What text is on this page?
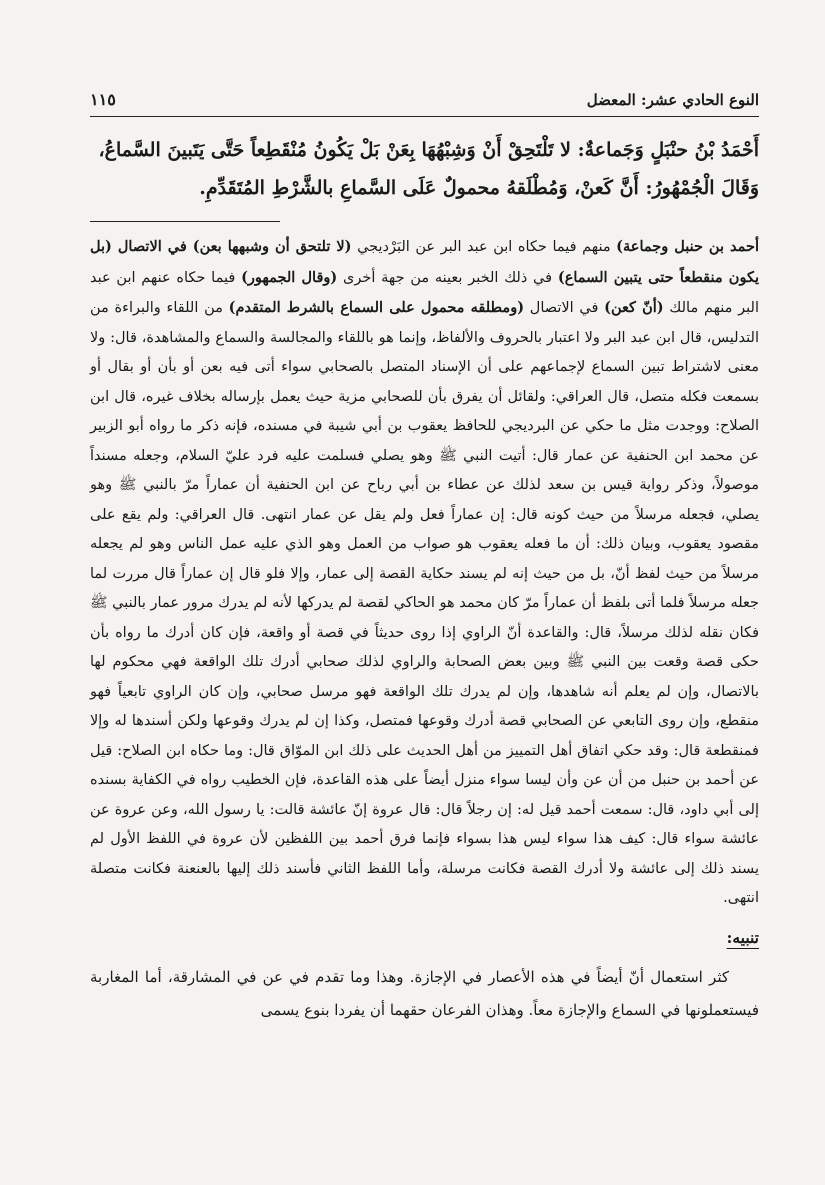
النوع الحادي عشر: المعضل
١١٥
أَحْمَدُ بْنُ حنْبَلٍ وَجَماعةٌ: لا تَلْتَحِقْ أَنْ وَشِبْهُهَا بِعَنْ بَلْ يَكُونُ مُنْقَطِعاً حَتَّى يَتَبينَ السَّماعُ،
وَقَالَ الْجُمْهُورُ: أَنَّ كَعنْ، وَمُطْلَقهُ محمولٌ عَلَى السَّماعِ بالشَّرْطِ المُتَقَدِّمِ.
أحمد بن حنبل وجماعة) منهم فيما حكاه ابن عبد البر عن البَرْديجي (لا تلتحق أن وشبهها بعن) في الاتصال (بل يكون منقطعاً حتى يتبين السماع) في ذلك الخبر بعينه من جهة أخرى (وقال الجمهور) فيما حكاه عنهم ابن عبد البر منهم مالك (أنّ كعن) في الاتصال (ومطلقه محمول على السماع بالشرط المتقدم) من اللقاء والبراءة من التدليس، قال ابن عبد البر ولا اعتبار بالحروف والألفاظ، وإنما هو باللقاء والمجالسة والسماع والمشاهدة، قال: ولا معنى لاشتراط تبين السماع لإجماعهم على أن الإسناد المتصل بالصحابي سواء أتى فيه بعن أو بأن أو بقال أو بسمعت فكله متصل، قال العراقي: ولقائل أن يفرق بأن للصحابي مزية حيث يعمل بإرساله بخلاف غيره، قال ابن الصلاح: ووجدت مثل ما حكي عن البرديجي للحافظ يعقوب بن أبي شيبة في مسنده، فإنه ذكر ما رواه أبو الزبير عن محمد ابن الحنفية عن عمار قال: أتيت النبي ﷺ وهو يصلي فسلمت عليه فرد عليّ السلام، وجعله مسنداً موصولاً، وذكر رواية قيس بن سعد لذلك عن عطاء بن أبي رباح عن ابن الحنفية أن عماراً مرّ بالنبي ﷺ وهو يصلي، فجعله مرسلاً من حيث كونه قال: إن عماراً فعل ولم يقل عن عمار انتهى. قال العراقي: ولم يقع على مقصود يعقوب، وبيان ذلك: أن ما فعله يعقوب هو صواب من العمل وهو الذي عليه عمل الناس وهو لم يجعله مرسلاً من حيث لفظ أنّ، بل من حيث إنه لم يسند حكاية القصة إلى عمار، وإلا فلو قال إن عماراً قال مررت لما جعله مرسلاً فلما أتى بلفظ أن عماراً مرّ كان محمد هو الحاكي لقصة لم يدركها لأنه لم يدرك مرور عمار بالنبي ﷺ فكان نقله لذلك مرسلاً، قال: والقاعدة أنّ الراوي إذا روى حديثاً في قصة أو واقعة، فإن كان أدرك ما رواه بأن حكى قصة وقعت بين النبي ﷺ وبين بعض الصحابة والراوي لذلك صحابي أدرك تلك الواقعة فهي محكوم لها بالاتصال، وإن لم يعلم أنه شاهدها، وإن لم يدرك تلك الواقعة فهو مرسل صحابي، وإن كان الراوي تابعياً فهو منقطع، وإن روى التابعي عن الصحابي قصة أدرك وقوعها فمتصل، وكذا إن لم يدرك وقوعها ولكن أسندها له وإلا فمنقطعة قال: وقد حكي اتفاق أهل التمييز من أهل الحديث على ذلك ابن الموّاق قال: وما حكاه ابن الصلاح: قيل عن أحمد بن حنبل من أن عن وأن ليسا سواء منزل أيضاً على هذه القاعدة، فإن الخطيب رواه في الكفاية بسنده إلى أبي داود، قال: سمعت أحمد قيل له: إن رجلاً قال: قال عروة إنّ عائشة قالت: يا رسول الله، وعن عروة عن عائشة سواء قال: كيف هذا سواء ليس هذا بسواء فإنما فرق أحمد بين اللفظين لأن عروة في اللفظ الأول لم يسند ذلك إلى عائشة ولا أدرك القصة فكانت مرسلة، وأما اللفظ الثاني فأسند ذلك إليها بالعنعنة فكانت متصلة انتهى.
تنبيه:

كثر استعمال أنّ أيضاً في هذه الأعصار في الإجازة. وهذا وما تقدم في عن في المشارقة، أما المغاربة فيستعملونها في السماع والإجازة معاً. وهذان الفرعان حقهما أن يفردا بنوع يسمى
